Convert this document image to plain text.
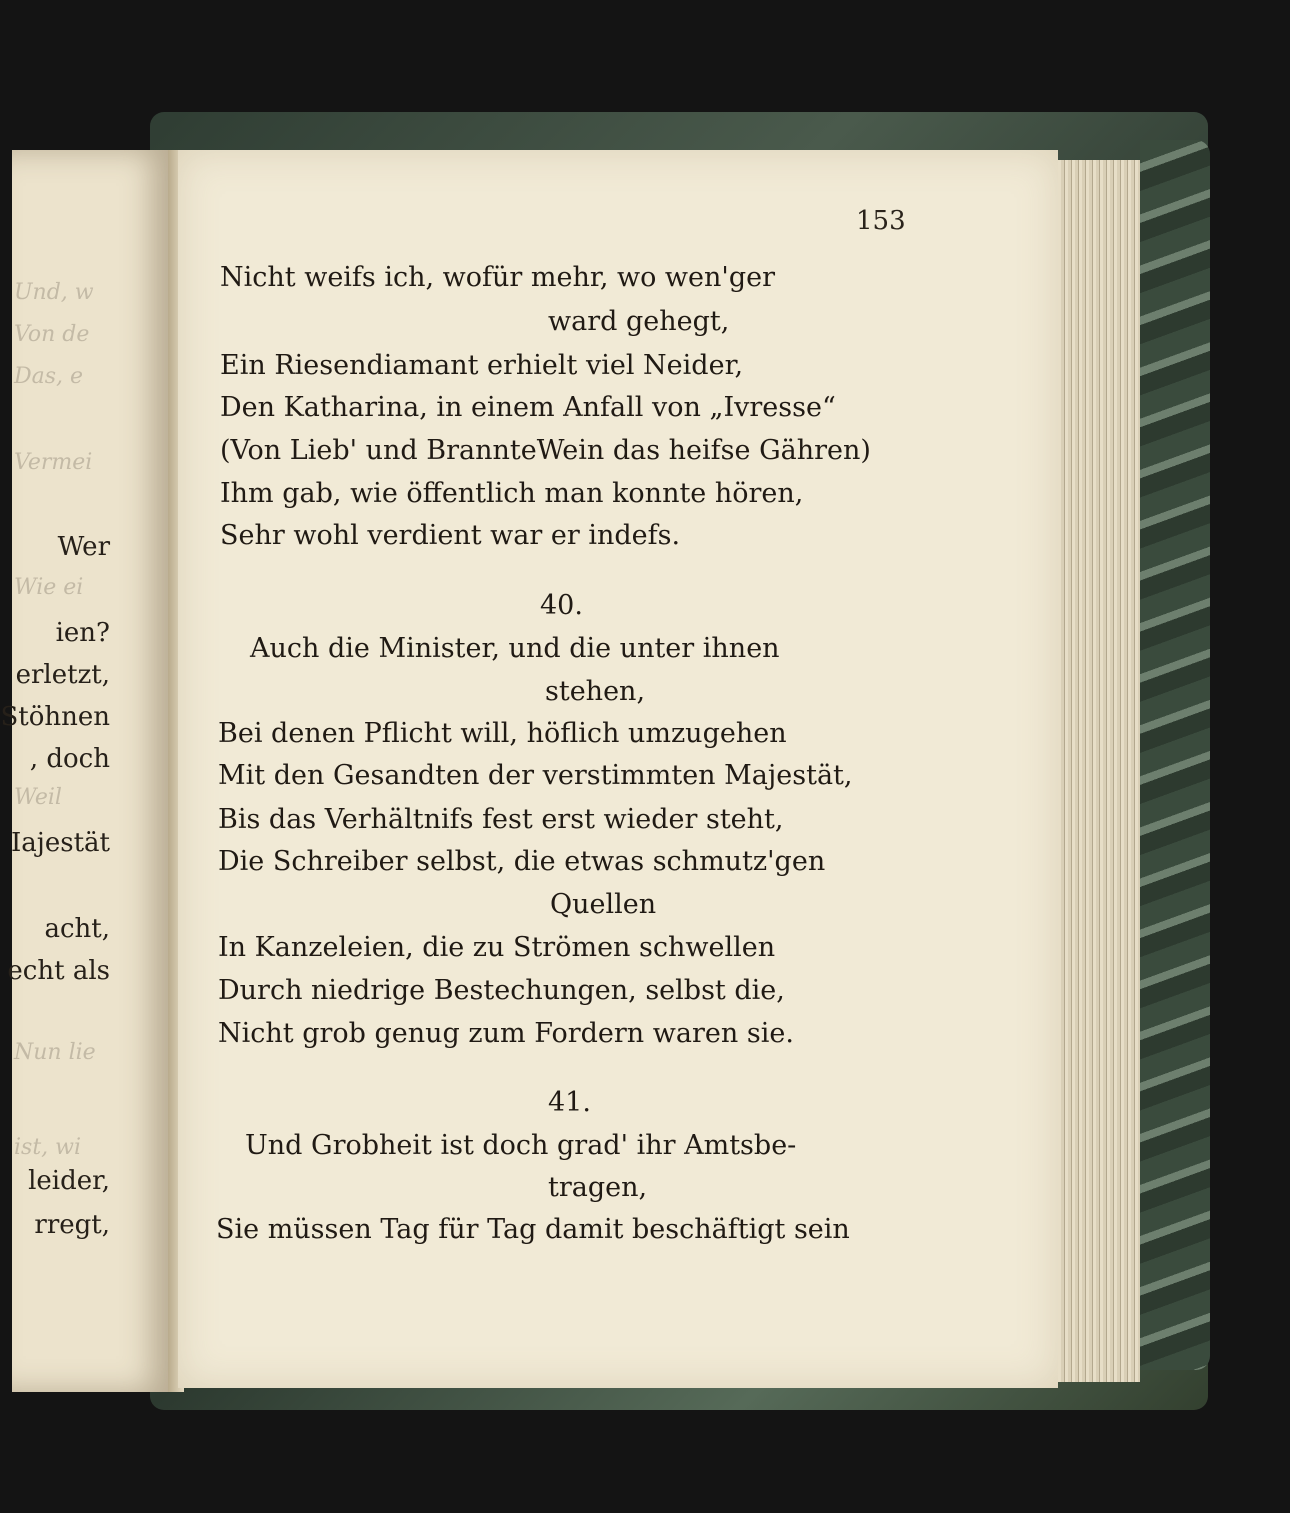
Und, w
Von de
Das, e
Vermei
Wie ei
Weil
Nun lie
ist, wi
Wer
ien?
erletzt,
Stöhnen
, doch
Iajestät
acht,
echt als
leider,
rregt,
153
Nicht weifs ich, wofür mehr, wo wen'ger
ward gehegt,
Ein Riesendiamant erhielt viel Neider,
Den Katharina, in einem Anfall von „Ivresse“
(Von Lieb' und BrannteWein das heifse Gähren)
Ihm gab, wie öffentlich man konnte hören,
Sehr wohl verdient war er indefs.
40.
Auch die Minister, und die unter ihnen
stehen,
Bei denen Pflicht will, höflich umzugehen
Mit den Gesandten der verstimmten Majestät,
Bis das Verhältnifs fest erst wieder steht,
Die Schreiber selbst, die etwas schmutz'gen
Quellen
In Kanzeleien, die zu Strömen schwellen
Durch niedrige Bestechungen, selbst die,
Nicht grob genug zum Fordern waren sie.
41.
Und Grobheit ist doch grad' ihr Amtsbe-
tragen,
Sie müssen Tag für Tag damit beschäftigt sein
